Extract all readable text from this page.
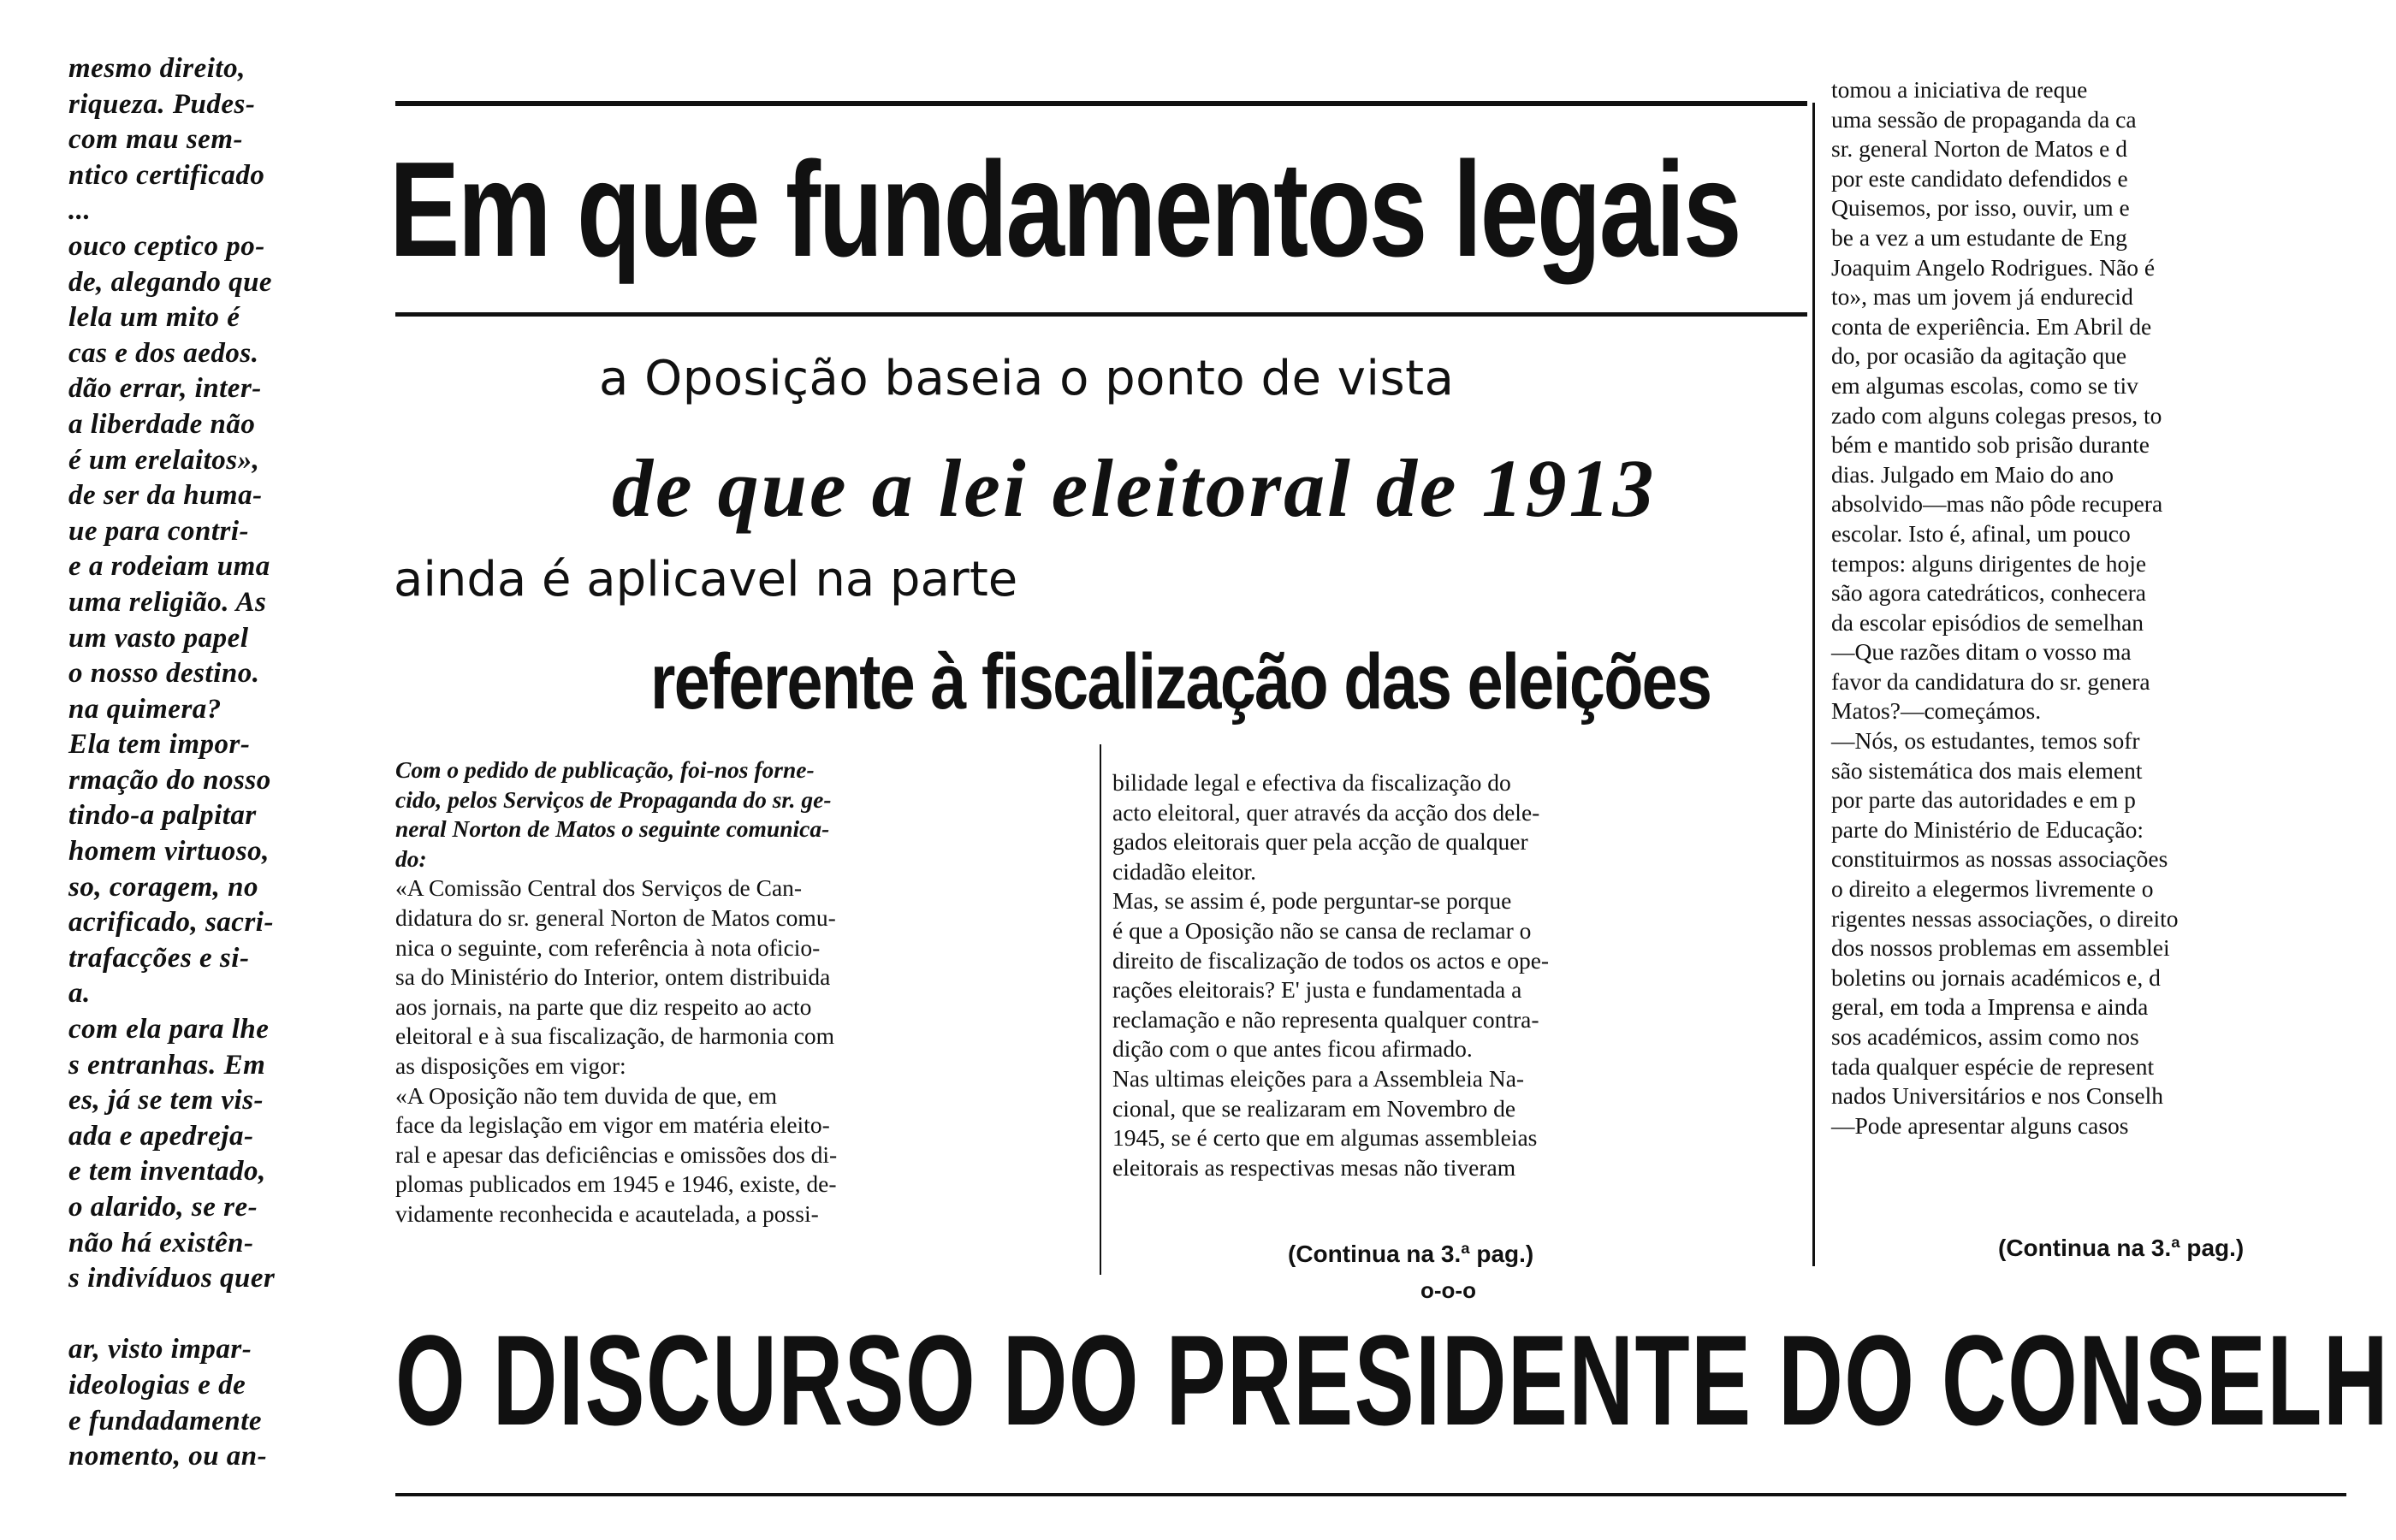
mesmo direito,
riqueza. Pudes-
com mau sem-
ntico certificado
...
ouco ceptico po-
de, alegando que
lela um mito é
cas e dos aedos.
dão errar, inter-
a liberdade não
é um erelaitos»,
de ser da huma-
ue para contri-
e a rodeiam uma
uma religião. As
um vasto papel
o nosso destino.
na quimera?
Ela tem impor-
rmação do nosso
tindo-a palpitar
homem virtuoso,
so, coragem, no
acrificado, sacri-
trafacções e si-
a.
com ela para lhe
s entranhas. Em
es, já se tem vis-
ada e apedreja-
e tem inventado,
o alarido, se re-
não há existên-
s indivíduos quer
ar, visto impar-
ideologias e de
e fundadamente
nomento, ou an-
Em que fundamentos legais
a Oposição baseia o ponto de vista
de que a lei eleitoral de 1913
ainda é aplicavel na parte
referente à fiscalização das eleições
Com o pedido de publicação, foi-nos forne-
cido, pelos Serviços de Propaganda do sr. ge-
neral Norton de Matos o seguinte comunica-
do:
«A Comissão Central dos Serviços de Can-
didatura do sr. general Norton de Matos comu-
nica o seguinte, com referência à nota oficio-
sa do Ministério do Interior, ontem distribuida
aos jornais, na parte que diz respeito ao acto
eleitoral e à sua fiscalização, de harmonia com
as disposições em vigor:
«A Oposição não tem duvida de que, em
face da legislação em vigor em matéria eleito-
ral e apesar das deficiências e omissões dos di-
plomas publicados em 1945 e 1946, existe, de-
vidamente reconhecida e acautelada, a possi-
bilidade legal e efectiva da fiscalização do
acto eleitoral, quer através da acção dos dele-
gados eleitorais quer pela acção de qualquer
cidadão eleitor.
Mas, se assim é, pode perguntar-se porque
é que a Oposição não se cansa de reclamar o
direito de fiscalização de todos os actos e ope-
rações eleitorais? E' justa e fundamentada a
reclamação e não representa qualquer contra-
dição com o que antes ficou afirmado.
Nas ultimas eleições para a Assembleia Na-
cional, que se realizaram em Novembro de
1945, se é certo que em algumas assembleias
eleitorais as respectivas mesas não tiveram
(Continua na 3.ª pag.)
o-o-o
tomou a iniciativa de reque
uma sessão de propaganda da ca
sr. general Norton de Matos e d
por este candidato defendidos e
Quisemos, por isso, ouvir, um e
be a vez a um estudante de Eng
Joaquim Angelo Rodrigues. Não é
to», mas um jovem já endurecid
conta de experiência. Em Abril de
do, por ocasião da agitação que
em algumas escolas, como se tiv
zado com alguns colegas presos, to
bém e mantido sob prisão durante
dias. Julgado em Maio do ano
absolvido—mas não pôde recupera
escolar. Isto é, afinal, um pouco
tempos: alguns dirigentes de hoje
são agora catedráticos, conhecera
da escolar episódios de semelhan
—Que razões ditam o vosso ma
favor da candidatura do sr. genera
Matos?—começámos.
—Nós, os estudantes, temos sofr
são sistemática dos mais element
por parte das autoridades e em p
parte do Ministério de Educação:
constituirmos as nossas associações
o direito a elegermos livremente o
rigentes nessas associações, o direito
dos nossos problemas em assemblei
boletins ou jornais académicos e, d
geral, em toda a Imprensa e ainda
sos académicos, assim como nos
tada qualquer espécie de represent
nados Universitários e nos Conselh
—Pode apresentar alguns casos
(Continua na 3.ª pag.)
O DISCURSO DO PRESIDENTE DO CONSELH
